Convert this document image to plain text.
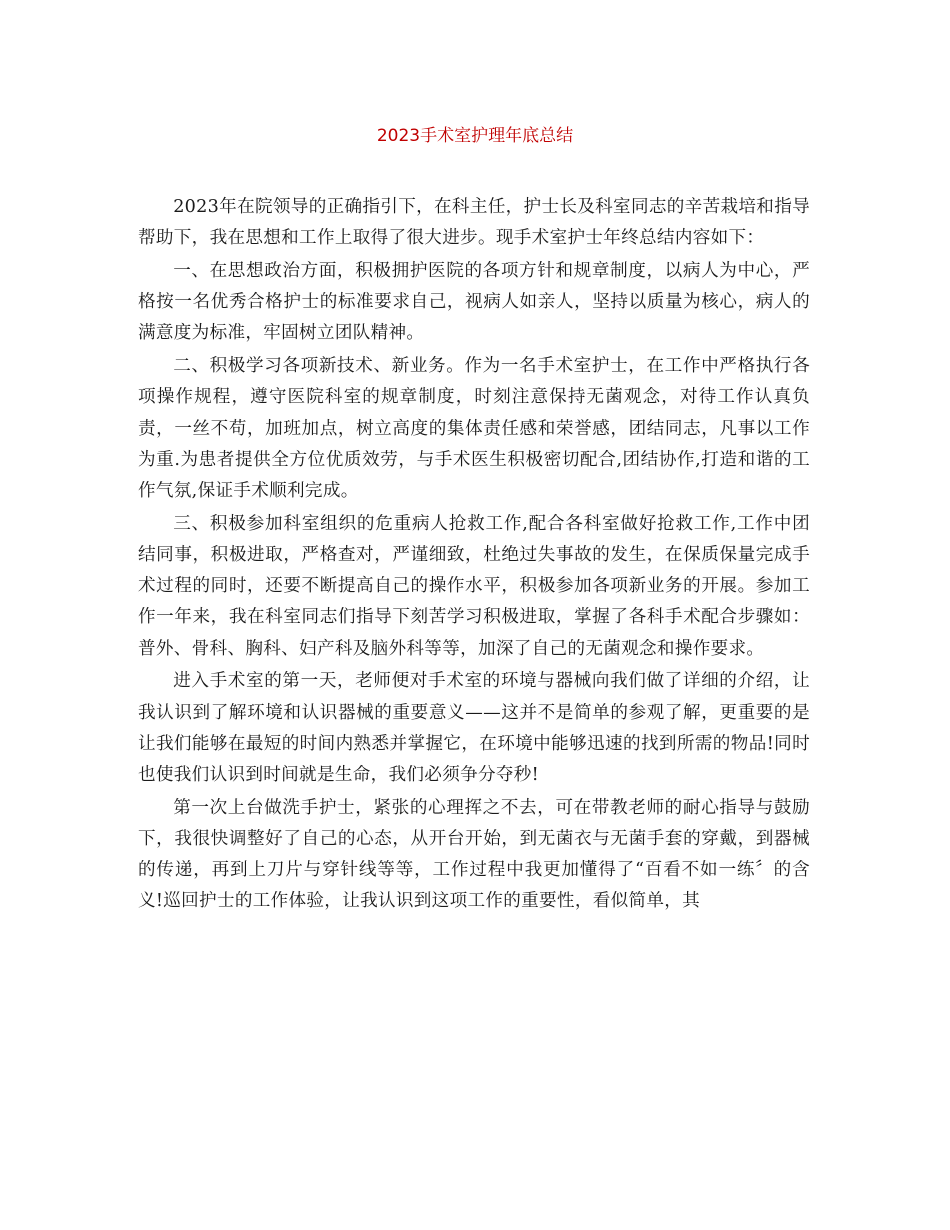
2023手术室护理年底总结

2023年在院领导的正确指引下，在科主任，护士长及科室同志的辛苦栽培和指导帮助下，我在思想和工作上取得了很大进步。现手术室护士年终总结内容如下：

一、在思想政治方面，积极拥护医院的各项方针和规章制度，以病人为中心，严格按一名优秀合格护士的标准要求自己，视病人如亲人，坚持以质量为核心，病人的满意度为标准，牢固树立团队精神。

二、积极学习各项新技术、新业务。作为一名手术室护士，在工作中严格执行各项操作规程，遵守医院科室的规章制度，时刻注意保持无菌观念，对待工作认真负责，一丝不苟，加班加点，树立高度的集体责任感和荣誉感，团结同志，凡事以工作为重.为患者提供全方位优质效劳，与手术医生积极密切配合,团结协作,打造和谐的工作气氛,保证手术顺利完成。

三、积极参加科室组织的危重病人抢救工作,配合各科室做好抢救工作,工作中团结同事，积极进取，严格查对，严谨细致，杜绝过失事故的发生，在保质保量完成手术过程的同时，还要不断提高自己的操作水平，积极参加各项新业务的开展。参加工作一年来，我在科室同志们指导下刻苦学习积极进取，掌握了各科手术配合步骤如：普外、骨科、胸科、妇产科及脑外科等等，加深了自己的无菌观念和操作要求。

进入手术室的第一天，老师便对手术室的环境与器械向我们做了详细的介绍，让我认识到了解环境和认识器械的重要意义——这并不是简单的参观了解，更重要的是让我们能够在最短的时间内熟悉并掌握它，在环境中能够迅速的找到所需的物品!同时也使我们认识到时间就是生命，我们必须争分夺秒!

第一次上台做洗手护士，紧张的心理挥之不去，可在带教老师的耐心指导与鼓励下，我很快调整好了自己的心态，从开台开始，到无菌衣与无菌手套的穿戴，到器械的传递，再到上刀片与穿针线等等，工作过程中我更加懂得了“百看不如一练〞的含义!巡回护士的工作体验，让我认识到这项工作的重要性，看似简单，其
